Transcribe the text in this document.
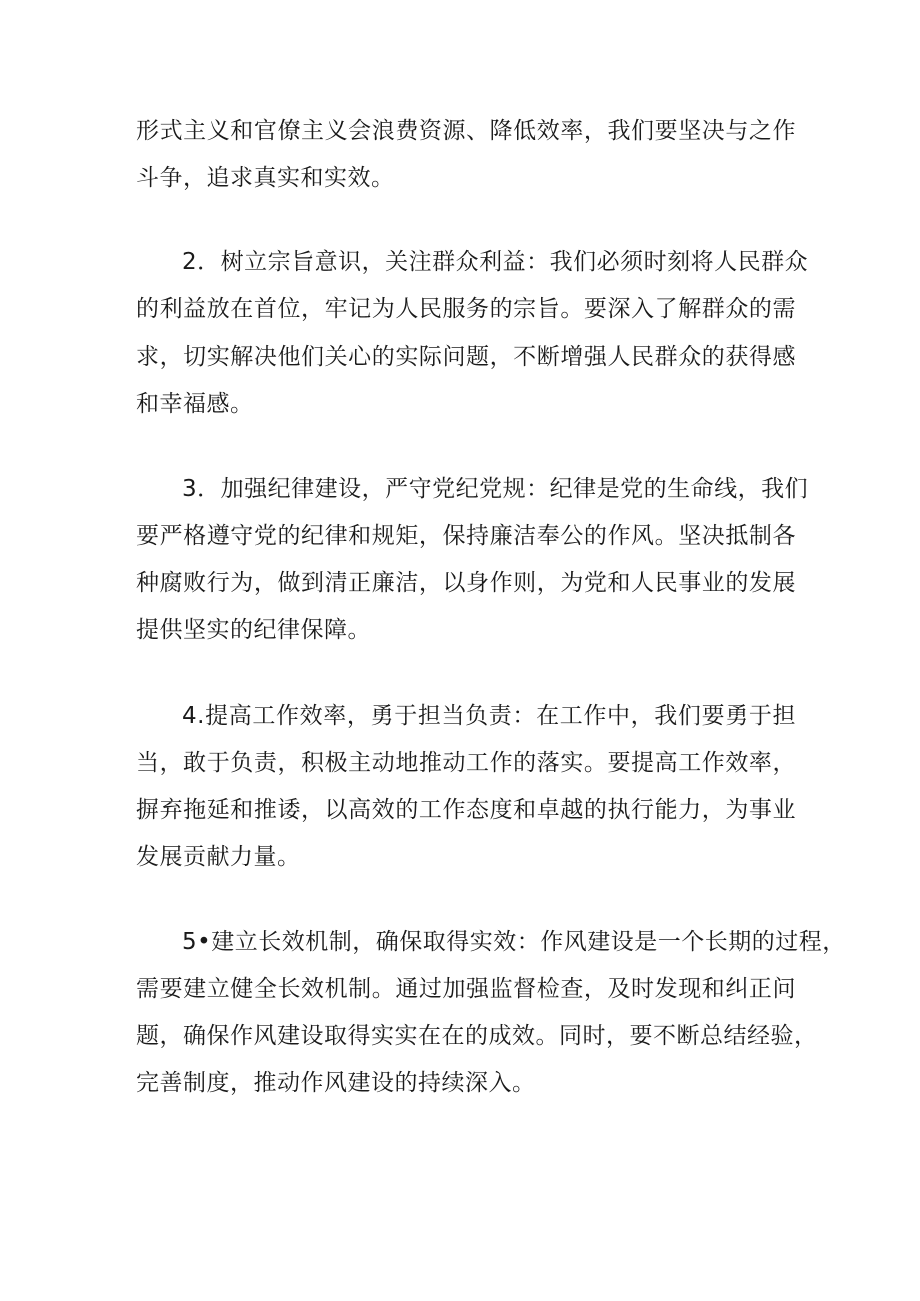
形式主义和官僚主义会浪费资源、降低效率，我们要坚决与之作
斗争，追求真实和实效。
2．树立宗旨意识，关注群众利益：我们必须时刻将人民群众
的利益放在首位，牢记为人民服务的宗旨。要深入了解群众的需
求，切实解决他们关心的实际问题，不断增强人民群众的获得感
和幸福感。
3．加强纪律建设，严守党纪党规：纪律是党的生命线，我们
要严格遵守党的纪律和规矩，保持廉洁奉公的作风。坚决抵制各
种腐败行为，做到清正廉洁，以身作则，为党和人民事业的发展
提供坚实的纪律保障。
4.提高工作效率，勇于担当负责：在工作中，我们要勇于担
当，敢于负责，积极主动地推动工作的落实。要提高工作效率，
摒弃拖延和推诿，以高效的工作态度和卓越的执行能力，为事业
发展贡献力量。
5•建立长效机制，确保取得实效：作风建设是一个长期的过程，
需要建立健全长效机制。通过加强监督检查，及时发现和纠正问
题，确保作风建设取得实实在在的成效。同时，要不断总结经验，
完善制度，推动作风建设的持续深入。
